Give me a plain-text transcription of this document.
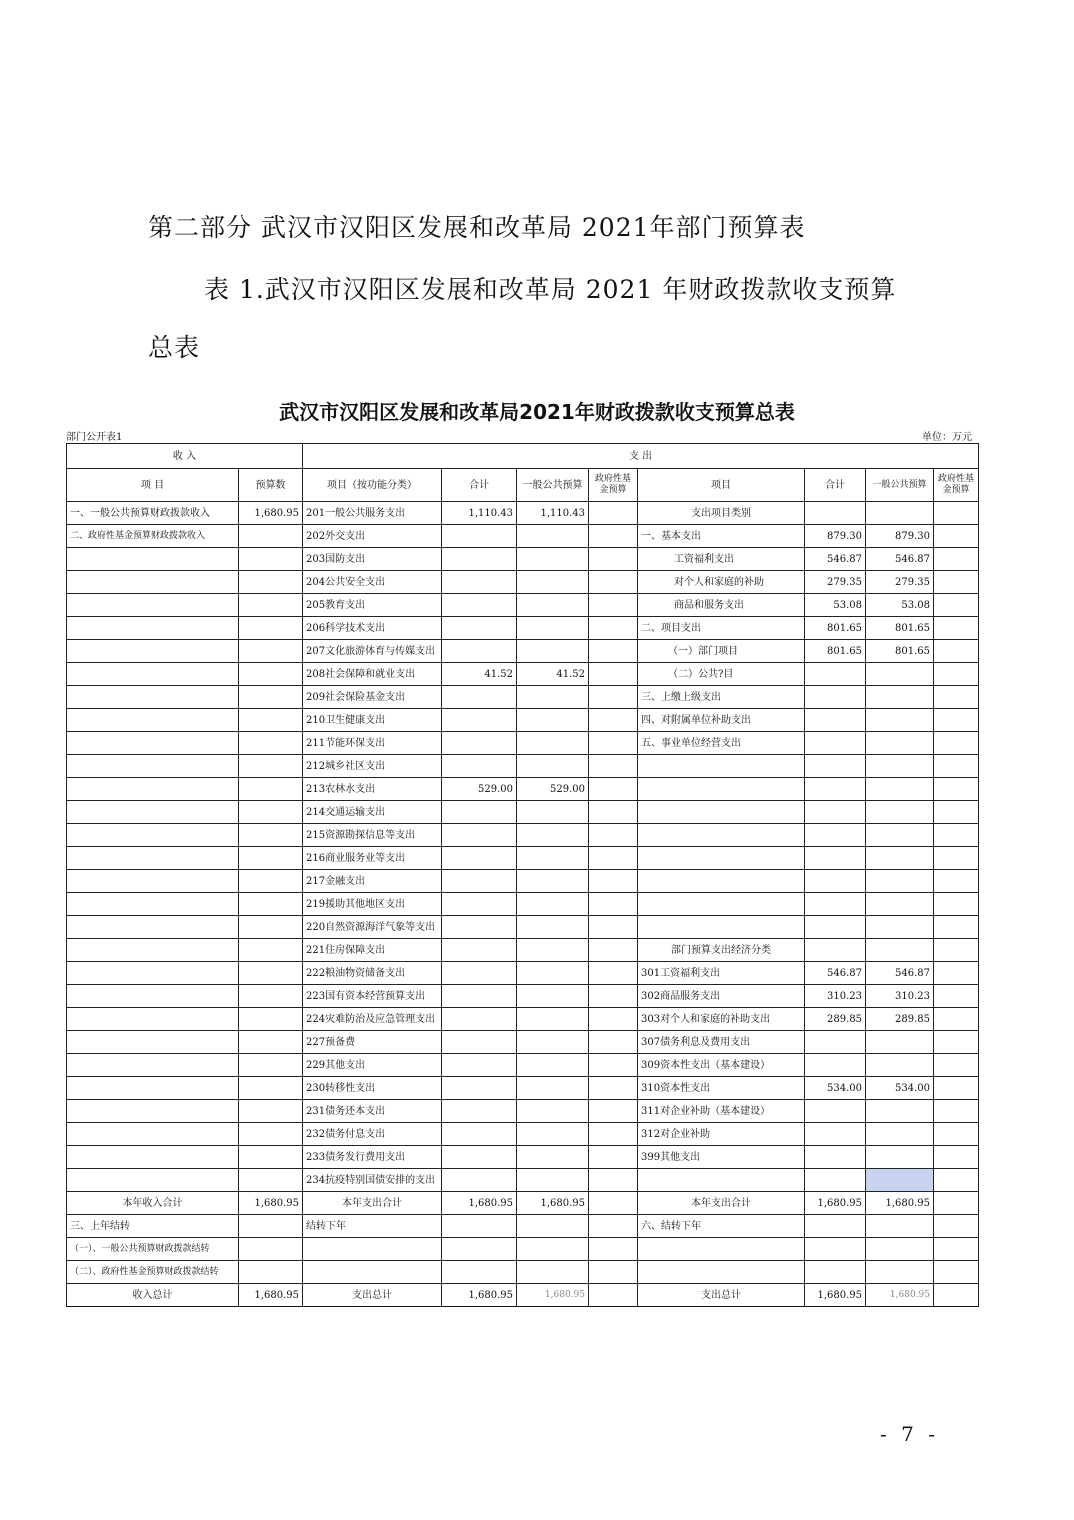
第二部分 武汉市汉阳区发展和改革局 2021年部门预算表
表 1.武汉市汉阳区发展和改革局 2021 年财政拨款收支预算
总表
武汉市汉阳区发展和改革局2021年财政拨款收支预算总表
部门公开表1	单位：万元
收 入		支 出							
项 目	预算数	项目（按功能分类）	合计	一般公共预算	政府性基金预算	项目	合计	一般公共预算	政府性基金预算
一、一般公共预算财政拨款收入	1,680.95	201一般公共服务支出	1,110.43	1,110.43		支出项目类别			
二、政府性基金预算财政拨款收入		202外交支出				一、基本支出	879.30	879.30	
		203国防支出				工资福利支出	546.87	546.87	
		204公共安全支出				对个人和家庭的补助	279.35	279.35	
		205教育支出				商品和服务支出	53.08	53.08	
		206科学技术支出				二、项目支出	801.65	801.65	
		207文化旅游体育与传媒支出				（一）部门项目	801.65	801.65	
		208社会保障和就业支出	41.52	41.52		（二）公共?目			
		209社会保险基金支出				三、上缴上级支出			
		210卫生健康支出				四、对附属单位补助支出			
		211节能环保支出				五、事业单位经营支出			
		212城乡社区支出							
		213农林水支出	529.00	529.00					
		214交通运输支出							
		215资源勘探信息等支出							
		216商业服务业等支出							
		217金融支出							
		219援助其他地区支出							
		220自然资源海洋气象等支出							
		221住房保障支出				部门预算支出经济分类			
		222粮油物资储备支出				301工资福利支出	546.87	546.87	
		223国有资本经营预算支出				302商品服务支出	310.23	310.23	
		224灾难防治及应急管理支出				303对个人和家庭的补助支出	289.85	289.85	
		227预备费				307债务利息及费用支出			
		229其他支出				309资本性支出（基本建设）			
		230转移性支出				310资本性支出	534.00	534.00	
		231债务还本支出				311对企业补助（基本建设）			
		232债务付息支出				312对企业补助			
		233债务发行费用支出				399其他支出			
		234抗疫特别国债安排的支出							
本年收入合计	1,680.95	本年支出合计	1,680.95	1,680.95		本年支出合计	1,680.95	1,680.95	
三、上年结转		结转下年				六、结转下年			
（一）、一般公共预算财政拨款结转									
（二）、政府性基金预算财政拨款结转									
收入总计	1,680.95	支出总计	1,680.95	1,680.95		支出总计	1,680.95	1,680.95	
- 7 -
